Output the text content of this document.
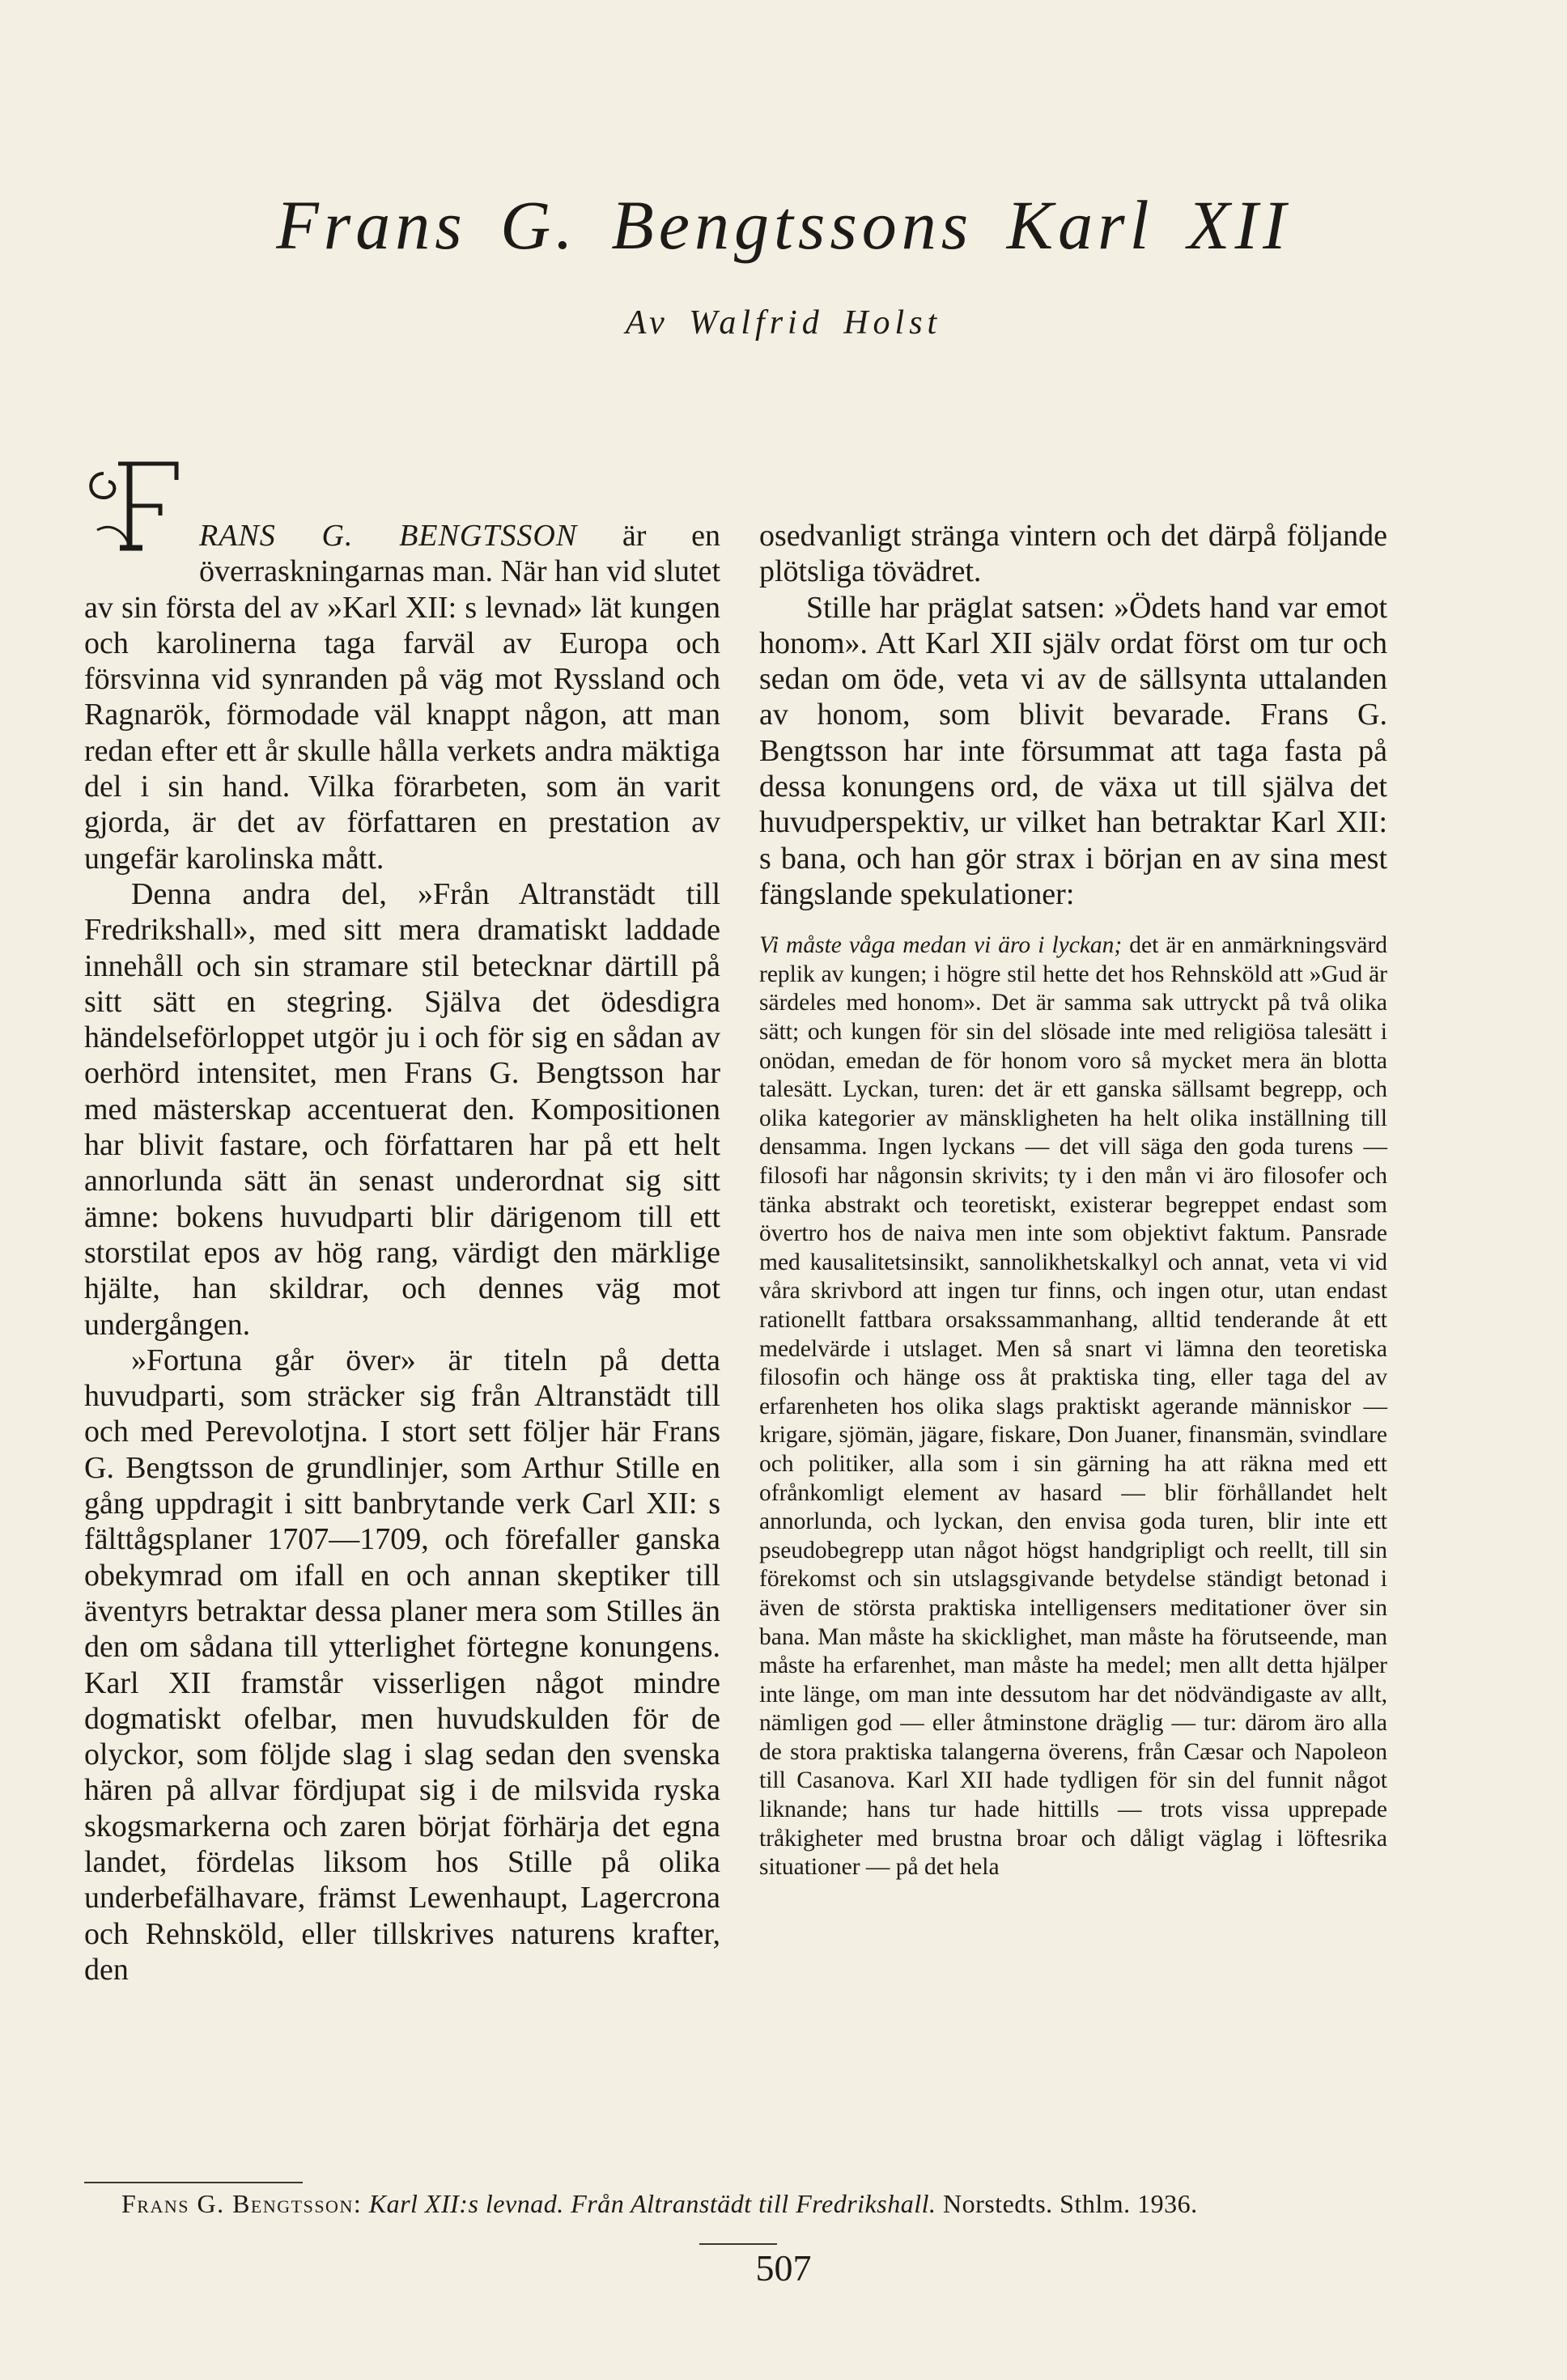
Frans G. Bengtssons Karl XII
Av Walfrid Holst

F
RANS G. BENGTSSON är en överraskningarnas man. När han vid slutet av sin första del av »Karl XII: s levnad» lät kungen och karolinerna taga farväl av Europa och försvinna vid synranden på väg mot Ryssland och Ragnarök, förmodade väl knappt någon, att man redan efter ett år skulle hålla verkets andra mäktiga del i sin hand. Vilka förarbeten, som än varit gjorda, är det av författaren en prestation av ungefär karolinska mått.

Denna andra del, »Från Altranstädt till Fredrikshall», med sitt mera dramatiskt laddade innehåll och sin stramare stil betecknar därtill på sitt sätt en stegring. Själva det ödesdigra händelseförloppet utgör ju i och för sig en sådan av oerhörd intensitet, men Frans G. Bengtsson har med mästerskap accentuerat den. Kompositionen har blivit fastare, och författaren har på ett helt annorlunda sätt än senast underordnat sig sitt ämne: bokens huvudparti blir därigenom till ett storstilat epos av hög rang, värdigt den märklige hjälte, han skildrar, och dennes väg mot undergången.

»Fortuna går över» är titeln på detta huvudparti, som sträcker sig från Altranstädt till och med Perevolotjna. I stort sett följer här Frans G. Bengtsson de grundlinjer, som Arthur Stille en gång uppdragit i sitt banbrytande verk Carl XII: s fälttågsplaner 1707—1709, och förefaller ganska obekymrad om ifall en och annan skeptiker till äventyrs betraktar dessa planer mera som Stilles än den om sådana till ytterlighet förtegne konungens. Karl XII framstår visserligen något mindre dogmatiskt ofelbar, men huvudskulden för de olyckor, som följde slag i slag sedan den svenska hären på allvar fördjupat sig i de milsvida ryska skogsmarkerna och zaren börjat förhärja det egna landet, fördelas liksom hos Stille på olika underbefälhavare, främst Lewenhaupt, Lagercrona och Rehnsköld, eller tillskrives naturens krafter, den

osedvanligt stränga vintern och det därpå följande plötsliga tövädret.

Stille har präglat satsen: »Ödets hand var emot honom». Att Karl XII själv ordat först om tur och sedan om öde, veta vi av de sällsynta uttalanden av honom, som blivit bevarade. Frans G. Bengtsson har inte försummat att taga fasta på dessa konungens ord, de växa ut till själva det huvudperspektiv, ur vilket han betraktar Karl XII: s bana, och han gör strax i början en av sina mest fängslande spekulationer:

Vi måste våga medan vi äro i lyckan; det är en anmärkningsvärd replik av kungen; i högre stil hette det hos Rehnsköld att »Gud är särdeles med honom». Det är samma sak uttryckt på två olika sätt; och kungen för sin del slösade inte med religiösa talesätt i onödan, emedan de för honom voro så mycket mera än blotta talesätt. Lyckan, turen: det är ett ganska sällsamt begrepp, och olika kategorier av mänskligheten ha helt olika inställning till densamma. Ingen lyckans — det vill säga den goda turens — filosofi har någonsin skrivits; ty i den mån vi äro filosofer och tänka abstrakt och teoretiskt, existerar begreppet endast som övertro hos de naiva men inte som objektivt faktum. Pansrade med kausalitetsinsikt, sannolikhetskalkyl och annat, veta vi vid våra skrivbord att ingen tur finns, och ingen otur, utan endast rationellt fattbara orsakssammanhang, alltid tenderande åt ett medelvärde i utslaget. Men så snart vi lämna den teoretiska filosofin och hänge oss åt praktiska ting, eller taga del av erfarenheten hos olika slags praktiskt agerande människor — krigare, sjömän, jägare, fiskare, Don Juaner, finansmän, svindlare och politiker, alla som i sin gärning ha att räkna med ett ofrånkomligt element av hasard — blir förhållandet helt annorlunda, och lyckan, den envisa goda turen, blir inte ett pseudobegrepp utan något högst handgripligt och reellt, till sin förekomst och sin utslagsgivande betydelse ständigt betonad i även de största praktiska intelligensers meditationer över sin bana. Man måste ha skicklighet, man måste ha förutseende, man måste ha erfarenhet, man måste ha medel; men allt detta hjälper inte länge, om man inte dessutom har det nödvändigaste av allt, nämligen god — eller åtminstone dräglig — tur: därom äro alla de stora praktiska talangerna överens, från Cæsar och Napoleon till Casanova. Karl XII hade tydligen för sin del funnit något liknande; hans tur hade hittills — trots vissa upprepade tråkigheter med brustna broar och dåligt väglag i löftesrika situationer — på det hela

Frans G. Bengtsson: Karl XII:s levnad. Från Altranstädt till Fredrikshall. Norstedts. Sthlm. 1936.
507
